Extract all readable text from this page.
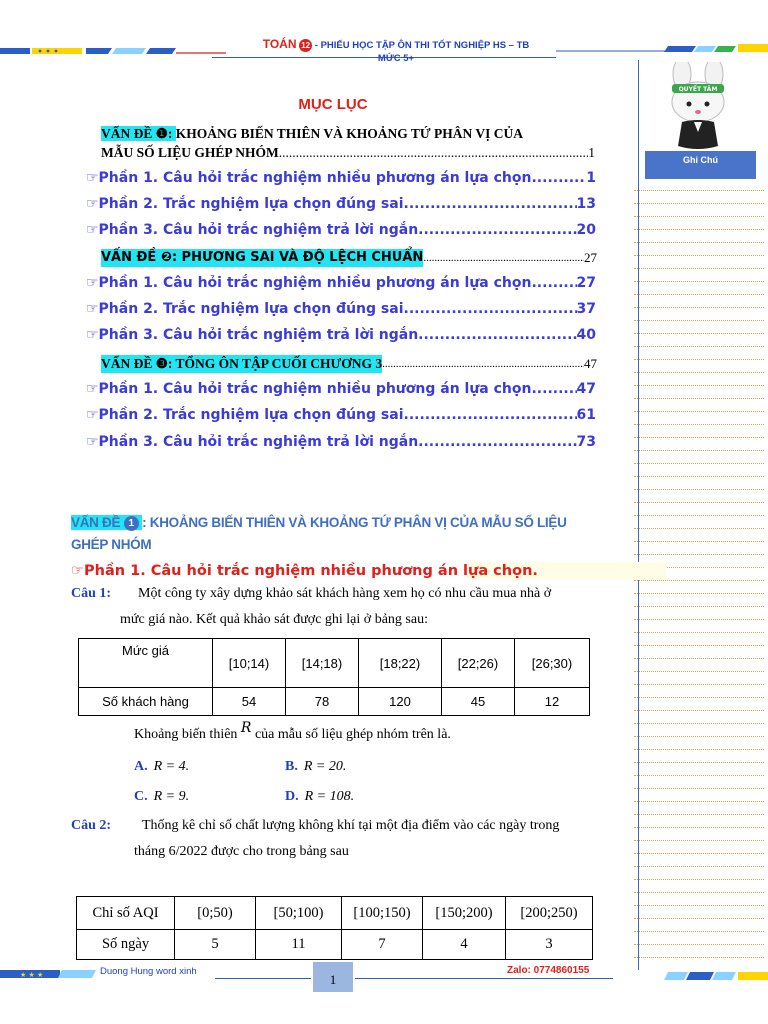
TOÁN 12 - PHIẾU HỌC TẬP ÔN THI TỐT NGHIỆP HS – TB
MỨC 5+
QUYẾT TÂM
Ghi Chú
MỤC LỤC
VẤN ĐỀ ❶: KHOẢNG BIẾN THIÊN VÀ KHOẢNG TỨ PHÂN VỊ CỦA
MẪU SỐ LIỆU GHÉP NHÓM .....	1
☞Phần 1. Câu hỏi trắc nghiệm nhiều phương án lựa chọn .....	1
☞Phần 2. Trắc nghiệm lựa chọn đúng sai .....	13
☞Phần 3. Câu hỏi trắc nghiệm trả lời ngắn .....	20
VẤN ĐỀ ❷: PHƯƠNG SAI VÀ ĐỘ LỆCH CHUẨN .....	27
☞Phần 1. Câu hỏi trắc nghiệm nhiều phương án lựa chọn .....	27
☞Phần 2. Trắc nghiệm lựa chọn đúng sai .....	37
☞Phần 3. Câu hỏi trắc nghiệm trả lời ngắn .....	40
VẤN ĐỀ ❸: TỔNG ÔN TẬP CUỐI CHƯƠNG 3 .....	47
☞Phần 1. Câu hỏi trắc nghiệm nhiều phương án lựa chọn .....	47
☞Phần 2. Trắc nghiệm lựa chọn đúng sai .....	61
☞Phần 3. Câu hỏi trắc nghiệm trả lời ngắn .....	73
VẤN ĐỀ 1 : KHOẢNG BIẾN THIÊN VÀ KHOẢNG TỨ PHÂN VỊ CỦA MẪU SỐ LIỆU GHÉP NHÓM
☞Phần 1. Câu hỏi trắc nghiệm nhiều phương án lựa chọn.
Câu 1: Một công ty xây dựng khảo sát khách hàng xem họ có nhu cầu mua nhà ở
mức giá nào. Kết quả khảo sát được ghi lại ở bảng sau:
Mức giá	[10;14)	[14;18)	[18;22)	[22;26)	[26;30)
Số khách hàng	54	78	120	45	12
Khoảng biến thiên R của mẫu số liệu ghép nhóm trên là.
A. R = 4.	B. R = 20.
C. R = 9.	D. R = 108.
Câu 2: Thống kê chỉ số chất lượng không khí tại một địa điểm vào các ngày trong
tháng 6/2022 được cho trong bảng sau
Chỉ số AQI	[0;50)	[50;100)	[100;150)	[150;200)	[200;250)
Số ngày	5	11	7	4	3
★ ★ ★	Duong Hung word xinh
1
Zalo: 0774860155
